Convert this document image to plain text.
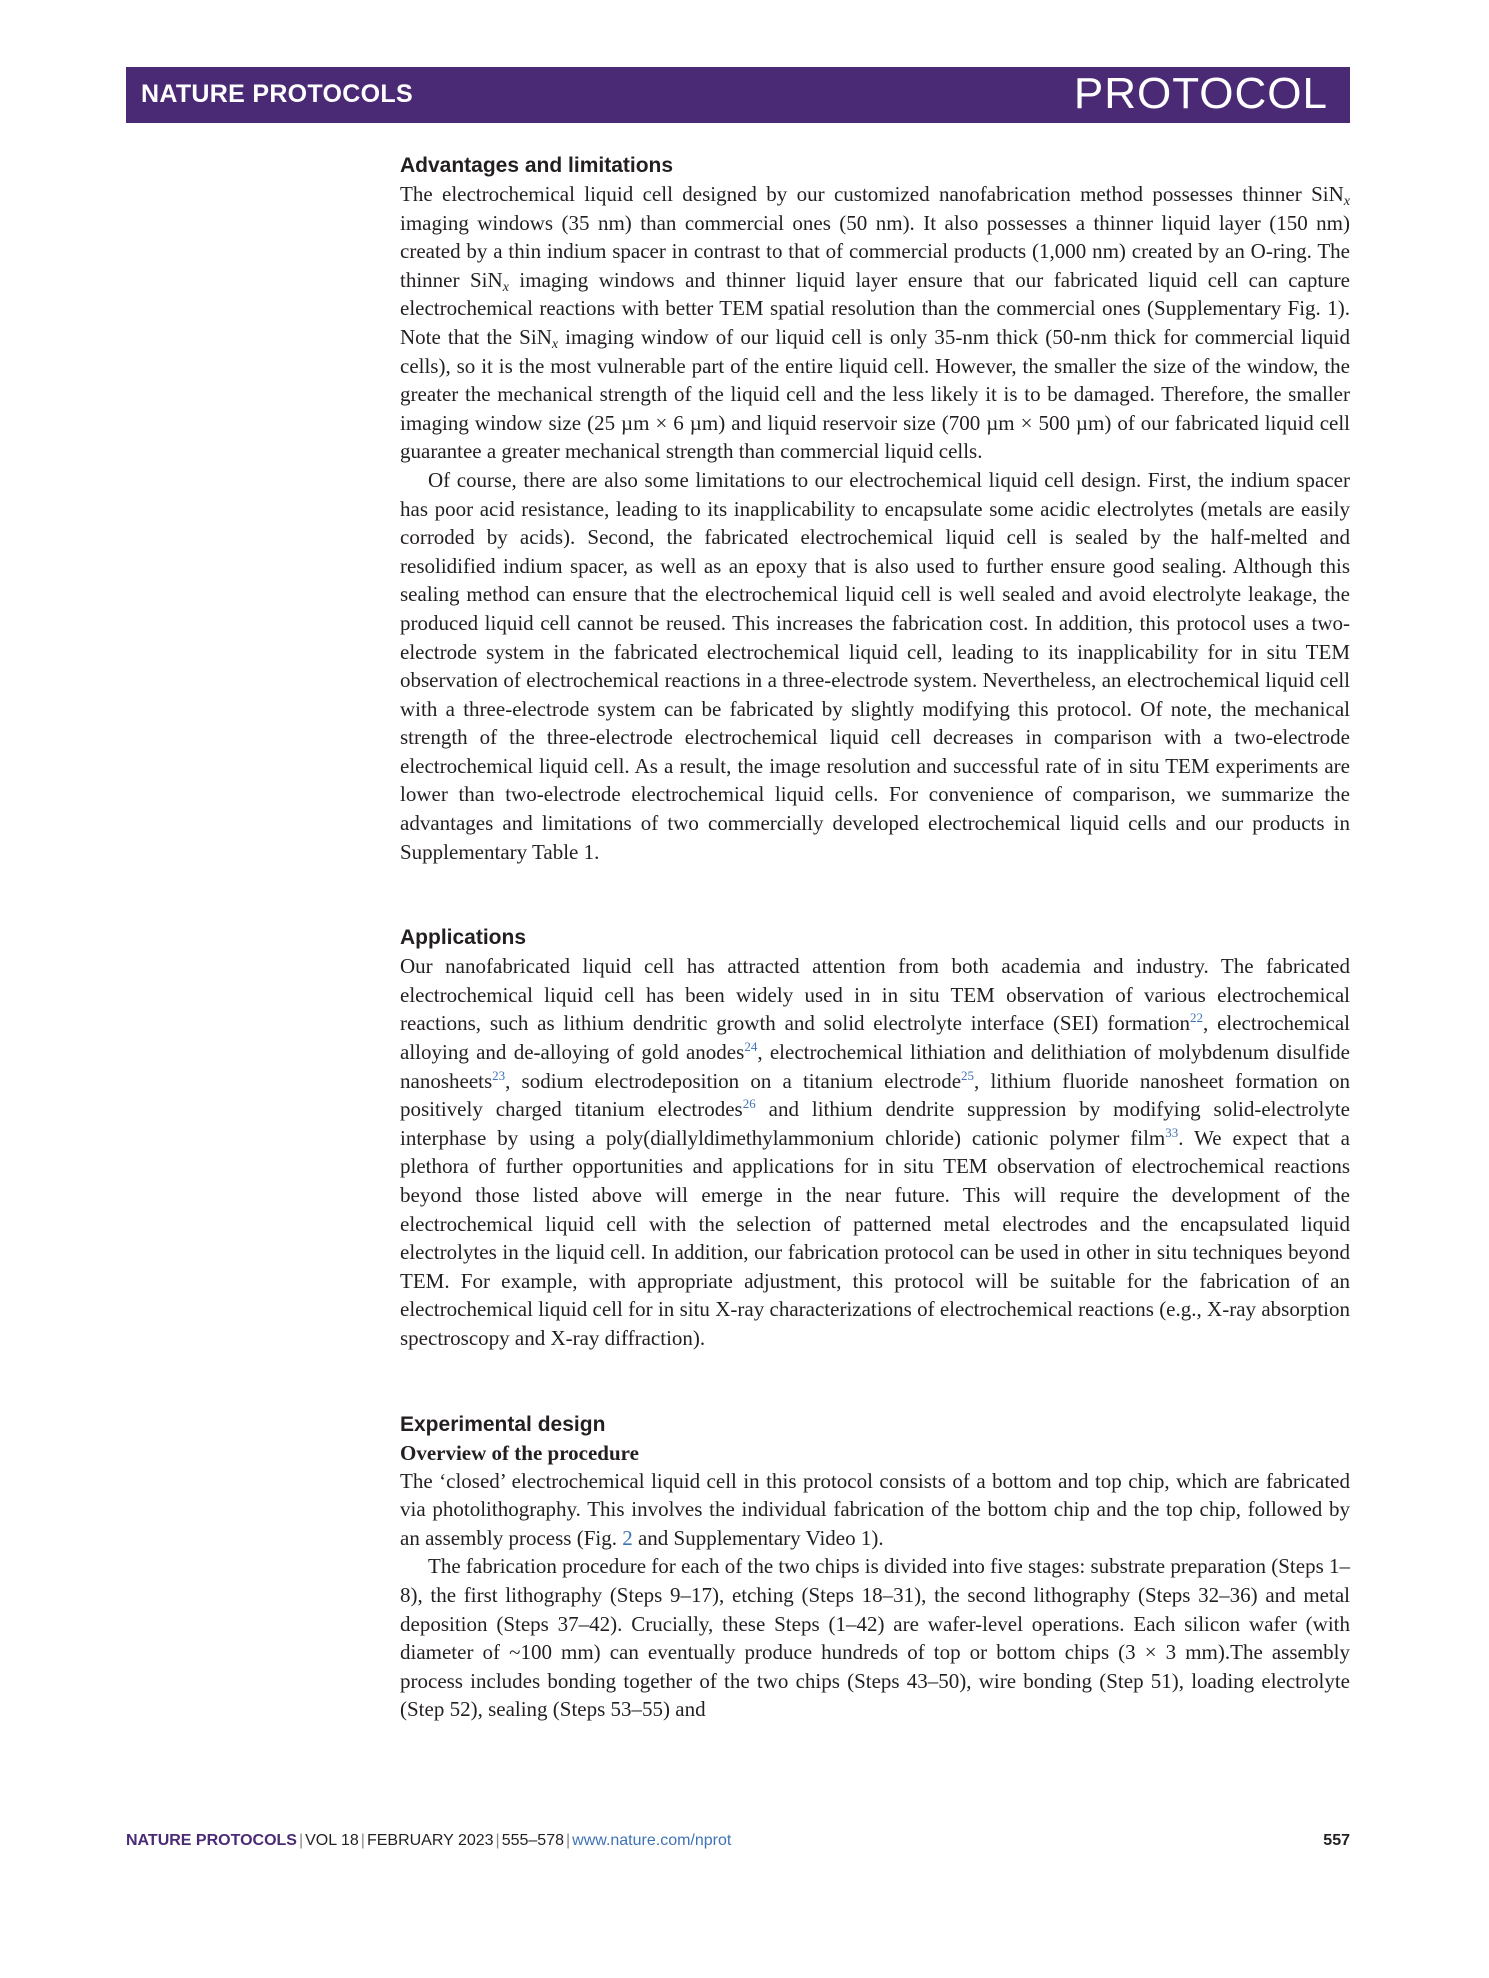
NATURE PROTOCOLS	PROTOCOL
Advantages and limitations

The electrochemical liquid cell designed by our customized nanofabrication method possesses thinner SiN$_x$ imaging windows (35 nm) than commercial ones (50 nm). It also possesses a thinner liquid layer (150 nm) created by a thin indium spacer in contrast to that of commercial products (1,000 nm) created by an O-ring. The thinner SiN$_x$ imaging windows and thinner liquid layer ensure that our fabricated liquid cell can capture electrochemical reactions with better TEM spatial resolution than the commercial ones (Supplementary Fig. 1). Note that the SiN$_x$ imaging window of our liquid cell is only 35-nm thick (50-nm thick for commercial liquid cells), so it is the most vulnerable part of the entire liquid cell. However, the smaller the size of the window, the greater the mechanical strength of the liquid cell and the less likely it is to be damaged. Therefore, the smaller imaging window size (25 µm × 6 µm) and liquid reservoir size (700 µm × 500 µm) of our fabricated liquid cell guarantee a greater mechanical strength than commercial liquid cells.

Of course, there are also some limitations to our electrochemical liquid cell design. First, the indium spacer has poor acid resistance, leading to its inapplicability to encapsulate some acidic electrolytes (metals are easily corroded by acids). Second, the fabricated electrochemical liquid cell is sealed by the half-melted and resolidified indium spacer, as well as an epoxy that is also used to further ensure good sealing. Although this sealing method can ensure that the electrochemical liquid cell is well sealed and avoid electrolyte leakage, the produced liquid cell cannot be reused. This increases the fabrication cost. In addition, this protocol uses a two-electrode system in the fabricated electrochemical liquid cell, leading to its inapplicability for in situ TEM observation of electrochemical reactions in a three-electrode system. Nevertheless, an electrochemical liquid cell with a three-electrode system can be fabricated by slightly modifying this protocol. Of note, the mechanical strength of the three-electrode electrochemical liquid cell decreases in comparison with a two-electrode electrochemical liquid cell. As a result, the image resolution and successful rate of in situ TEM experiments are lower than two-electrode electrochemical liquid cells. For convenience of comparison, we summarize the advantages and limitations of two commercially developed electrochemical liquid cells and our products in Supplementary Table 1.

Applications

Our nanofabricated liquid cell has attracted attention from both academia and industry. The fabricated electrochemical liquid cell has been widely used in in situ TEM observation of various electrochemical reactions, such as lithium dendritic growth and solid electrolyte interface (SEI) formation$^{22}$, electrochemical alloying and de-alloying of gold anodes$^{24}$, electrochemical lithiation and delithiation of molybdenum disulfide nanosheets$^{23}$, sodium electrodeposition on a titanium electrode$^{25}$, lithium fluoride nanosheet formation on positively charged titanium electrodes$^{26}$ and lithium dendrite suppression by modifying solid-electrolyte interphase by using a poly(diallyldimethylammonium chloride) cationic polymer film$^{33}$. We expect that a plethora of further opportunities and applications for in situ TEM observation of electrochemical reactions beyond those listed above will emerge in the near future. This will require the development of the electrochemical liquid cell with the selection of patterned metal electrodes and the encapsulated liquid electrolytes in the liquid cell. In addition, our fabrication protocol can be used in other in situ techniques beyond TEM. For example, with appropriate adjustment, this protocol will be suitable for the fabrication of an electrochemical liquid cell for in situ X-ray characterizations of electrochemical reactions (e.g., X-ray absorption spectroscopy and X-ray diffraction).

Experimental design
Overview of the procedure

The ‘closed’ electrochemical liquid cell in this protocol consists of a bottom and top chip, which are fabricated via photolithography. This involves the individual fabrication of the bottom chip and the top chip, followed by an assembly process (Fig. 2 and Supplementary Video 1).

The fabrication procedure for each of the two chips is divided into five stages: substrate preparation (Steps 1–8), the first lithography (Steps 9–17), etching (Steps 18–31), the second lithography (Steps 32–36) and metal deposition (Steps 37–42). Crucially, these Steps (1–42) are wafer-level operations. Each silicon wafer (with diameter of ~100 mm) can eventually produce hundreds of top or bottom chips (3 × 3 mm).The assembly process includes bonding together of the two chips (Steps 43–50), wire bonding (Step 51), loading electrolyte (Step 52), sealing (Steps 53–55) and

NATURE PROTOCOLS | VOL 18 | FEBRUARY 2023 | 555–578 | www.nature.com/nprot	557
